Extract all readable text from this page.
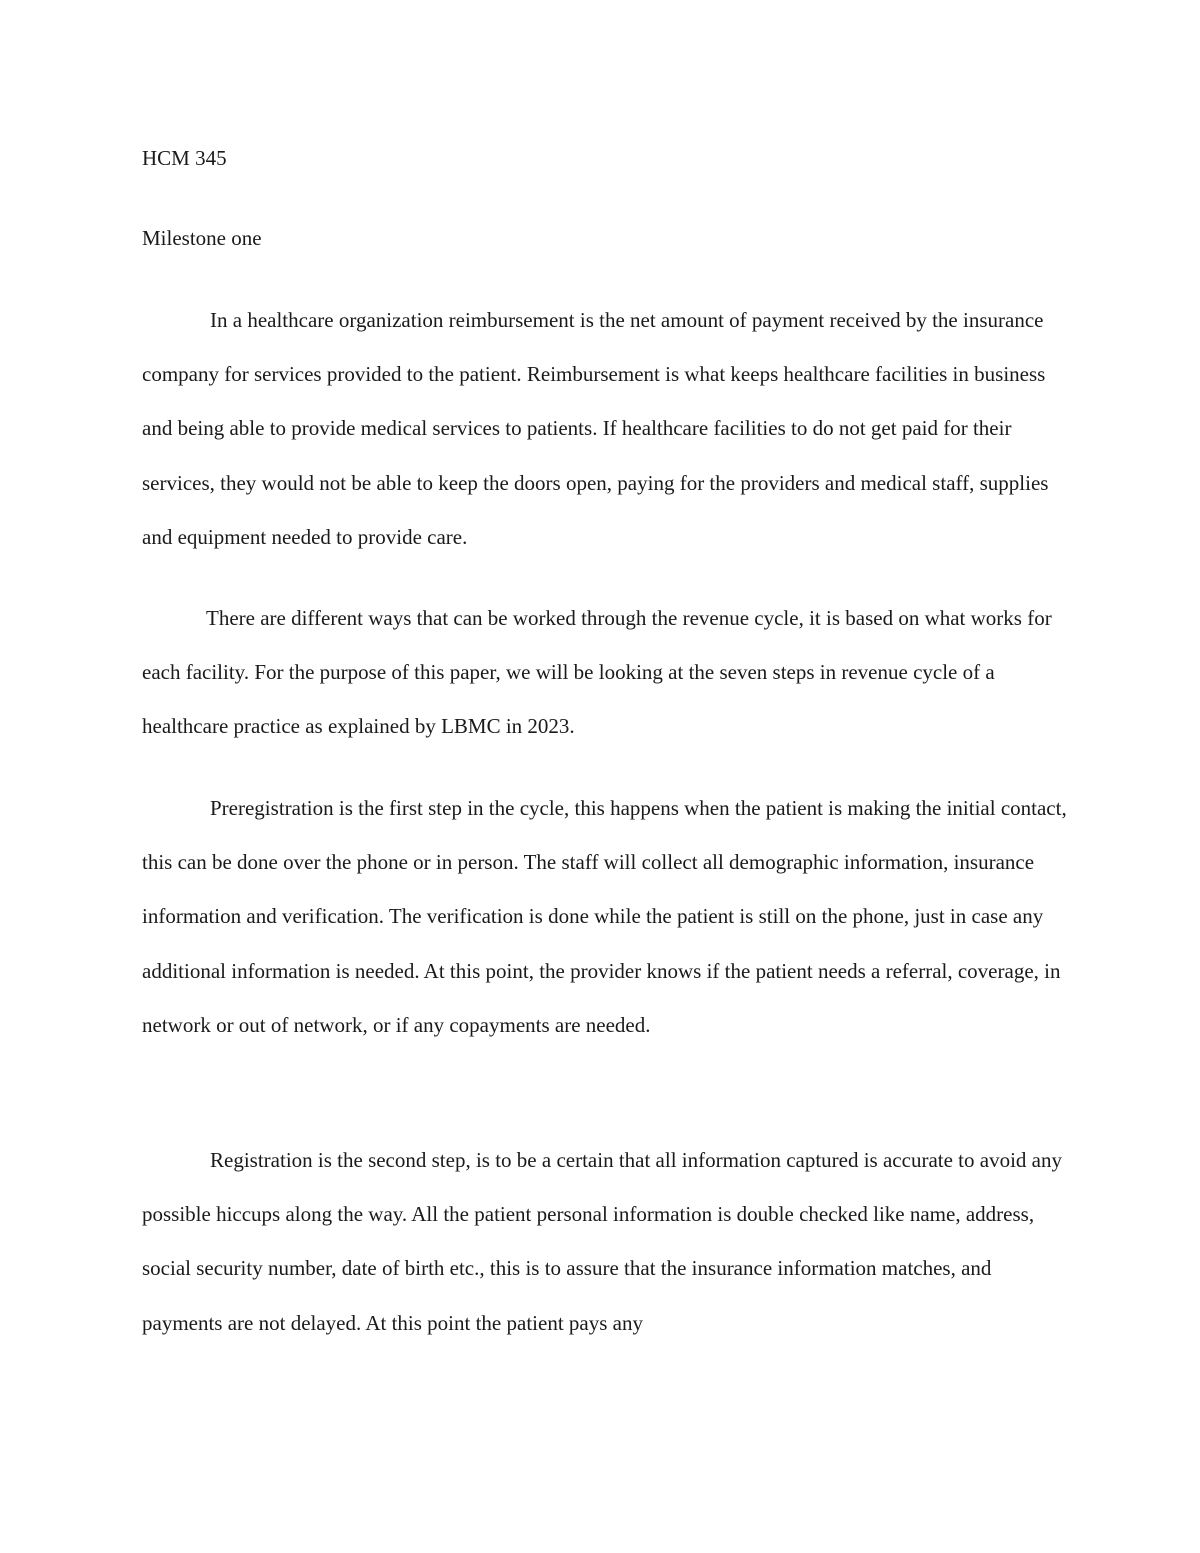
HCM 345
Milestone one

In a healthcare organization reimbursement is the net amount of payment received by the insurance company for services provided to the patient. Reimbursement is what keeps healthcare facilities in business and being able to provide medical services to patients. If healthcare facilities to do not get paid for their services, they would not be able to keep the doors open, paying for the providers and medical staff, supplies and equipment needed to provide care.

There are different ways that can be worked through the revenue cycle, it is based on what works for each facility. For the purpose of this paper, we will be looking at the seven steps in revenue cycle of a healthcare practice as explained by LBMC in 2023.

Preregistration is the first step in the cycle, this happens when the patient is making the initial contact, this can be done over the phone or in person. The staff will collect all demographic information, insurance information and verification. The verification is done while the patient is still on the phone, just in case any additional information is needed. At this point, the provider knows if the patient needs a referral, coverage, in network or out of network, or if any copayments are needed.

Registration is the second step, is to be a certain that all information captured is accurate to avoid any possible hiccups along the way. All the patient personal information is double checked like name, address, social security number, date of birth etc., this is to assure that the insurance information matches, and payments are not delayed. At this point the patient pays any
